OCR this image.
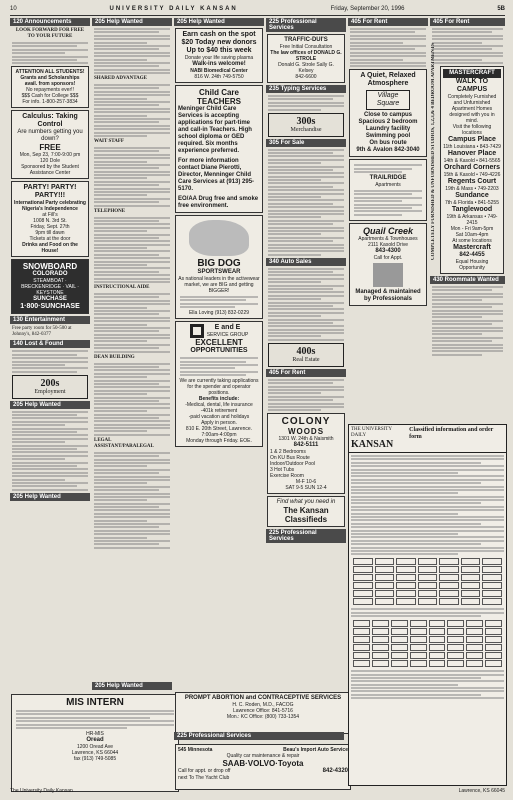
10	UNIVERSITY DAILY KANSAN	Friday, September 20, 1996	5B
120 Announcements
LOOK FORWARD FOR FREE TO YOUR FUTURE
ATTENTION ALL STUDENTS! Grants and Scholarships avail. from sponsors!
No repayments ever!!
$$$ Cash for College $$$
For info. 1-800-257-3834
Calculus: Taking Control
Are numbers getting you down?
FREE
Mon, Sep 23, 7:00-9:00 pm
120 Dole
Sponsored by the Student Assistance Center
PARTY! PARTY! PARTY!!!
International Party celebrating Nigeria's Independence
at Fill's
1008 N. 3rd St.
Friday, Sept. 27th
9pm till dawn
Tickets at the door
Drinks and Food on the House!
SNOWBOARD
COLORADO
STEAMBOAT · BRECKENRIDGE · VAIL · KEYSTONE
SUNCHASE
1·800·SUNCHASE
130 Entertainment
Free party room for 50-500 at Johnny's, 842-0377
140 Lost & Found
200s
Employment
205 Help Wanted
205 Help Wanted
MIS INTERN
HR-MIS
Oread
1200 Oread Ave
Lawrence, KS 66044
fax (913) 749-5085
205 Help Wanted
SHARED ADVANTAGE
WAIT STAFF
TELEPHONE
INSTRUCTIONAL AIDE
DEAN BUILDING
LEGAL ASSISTANT/PARALEGAL
205 Help Wanted
205 Help Wanted
Earn cash on the spot
$20 Today new donors
Up to $40 this week
Donate your life saving plasma
Walk-ins welcome!
NABI Biomedical Center
816 W. 24th 749-5750
Child Care TEACHERS
Meninger Child Care Services is accepting applications for part-time and call-in Teachers. High school diploma or GED required. Six months experience preferred.
For more information contact Diane Pierotti, Director, Menninger Child Care Services at (913) 295-5170.
EO/AA Drug free and smoke free environment.
BIG DOG
SPORTSWEAR
As national leaders in the activewear market, we are BIG and getting BIGGER!
Ella Loving (913) 832-0229
E and E
SERVICE GROUP
EXCELLENT
OPPORTUNITIES
We are currently taking applications for the spender and operator positions.
Benefits include:
-Medical, dental, life insurance
-401k retirement
-paid vacation and holidays
Apply in person.
810 E. 20th Street, Lawrence.
7:00am-4:00pm
Monday through Friday. EOE.
225 Professional Services
TRAFFIC-DUI'S
Free Initial Consultation
The law offices of DONALD G. STROLE
Donald G. Strole Sally G. Kelsey
842-6600
235 Typing Services
300s
Merchandise
305 For Sale
340 Auto Sales
400s
Real Estate
405 For Rent
COLONY
WOODS
1301 W. 24th & Naismith
842-5111
1 & 2 Bedrooms
On KU Bus Route
Indoor/Outdoor Pool
3 Hot Tubs
Exercise Room
M-F 10-6
SAT 9-5 SUN 12-4
Find what you need in
The Kansan
Classifieds
225 Professional Services
PROMPT ABORTION and CONTRACEPTIVE SERVICES
H. C. Roden, M.D., FACOG
Lawrence Office: 841-5716
Mon.: KC Office: (800) 733-1354
225 Professional Services
545 Minnesota	Beau's Import Auto Service
Quality car maintenance & repair
SAAB·VOLVO·Toyota
Call for appt. or drop off	842-4320
next To The Yacht Club
405 For Rent
A Quiet, Relaxed
Atmosphere
Village
Square
Close to campus
Spacious 2 bedroom
Laundry facility
Swimming pool
On bus route
9th & Avalon 842-3040
TRAILRIDGE
Apartments
Quail Creek
Apartments & Townhouses
2111 Kasold Drive
843-4300
Call for Appt.
Managed & maintained by Professionals
THE UNIVERSITY DAILY
KANSAN
Classified information and order form
405 For Rent
MASTERCRAFT
WALK TO CAMPUS
Completely Furnished and Unfurnished
Apartment Homes designed with you in mind.
Visit the following locations
Campus Place
11th Louisiana • 843-7429
Hanover Place
14th & Kasold • 841-5565
Orchard Corners
15th & Kasold • 749-4226
Regents Court
19th & Mass • 749-2203
Sundance
7th & Florida • 841-5255
Tanglewood
19th & Arkansas • 749-2415
Mon - Fri 9am-5pm
Sat 10am-4pm
At some locations
Mastercraft
842-4455
Equal Housing Opportunity
430 Roommate Wanted
COMPLETELY FURNISHED & UNFURNISHED STUDIOS, 1,2,3,& 4 BEDROOM APARTMENTS
The University Daily Kansan	Lawrence, KS 66045
